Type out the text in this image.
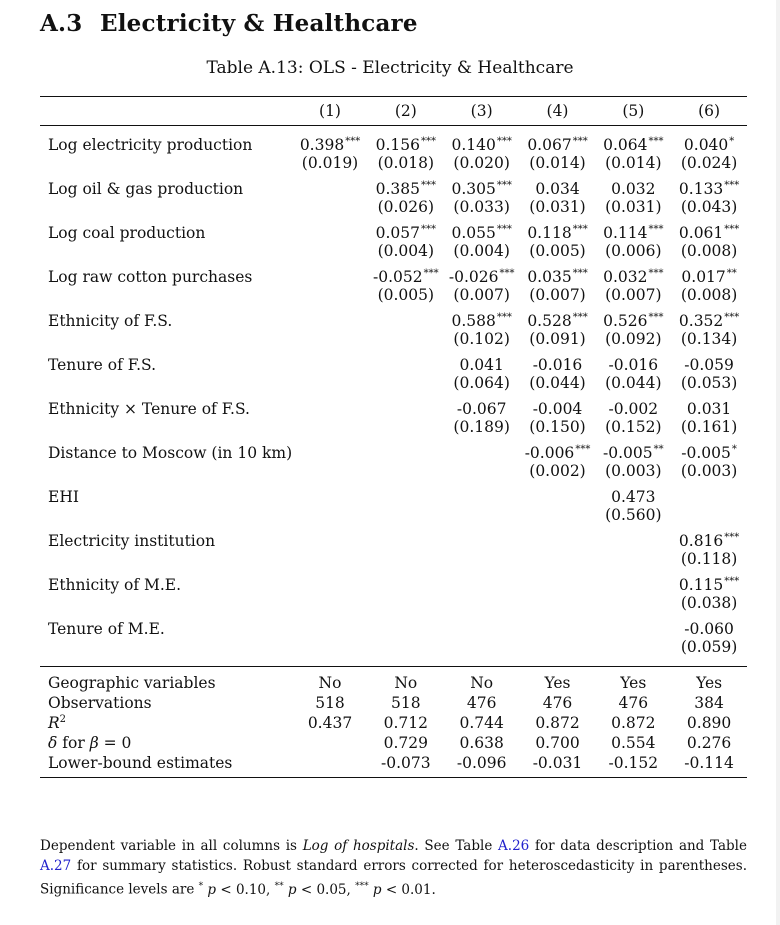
A.3 Electricity & Healthcare
Table A.13: OLS - Electricity & Healthcare
	(1)	(2)	(3)	(4)	(5)	(6)
Log electricity production	0.398***	0.156***	0.140***	0.067***	0.064***	0.040*
	(0.019)	(0.018)	(0.020)	(0.014)	(0.014)	(0.024)
Log oil & gas production		0.385***	0.305***	0.034	0.032	0.133***
		(0.026)	(0.033)	(0.031)	(0.031)	(0.043)
Log coal production		0.057***	0.055***	0.118***	0.114***	0.061***
		(0.004)	(0.004)	(0.005)	(0.006)	(0.008)
Log raw cotton purchases		-0.052***	-0.026***	0.035***	0.032***	0.017**
		(0.005)	(0.007)	(0.007)	(0.007)	(0.008)
Ethnicity of F.S.			0.588***	0.528***	0.526***	0.352***
			(0.102)	(0.091)	(0.092)	(0.134)
Tenure of F.S.			0.041	-0.016	-0.016	-0.059
			(0.064)	(0.044)	(0.044)	(0.053)
Ethnicity × Tenure of F.S.			-0.067	-0.004	-0.002	0.031
			(0.189)	(0.150)	(0.152)	(0.161)
Distance to Moscow (in 10 km)				-0.006***	-0.005**	-0.005*
				(0.002)	(0.003)	(0.003)
EHI					0.473	
					(0.560)	
Electricity institution						0.816***
						(0.118)
Ethnicity of M.E.						0.115***
						(0.038)
Tenure of M.E.						-0.060
						(0.059)
Geographic variables	No	No	No	Yes	Yes	Yes
Observations	518	518	476	476	476	384
$R^2$	0.437	0.712	0.744	0.872	0.872	0.890
δ for β = 0		0.729	0.638	0.700	0.554	0.276
Lower-bound estimates		-0.073	-0.096	-0.031	-0.152	-0.114
Dependent variable in all columns is Log of hospitals. See Table A.26 for data description and Table A.27 for summary statistics. Robust standard errors corrected for heteroscedasticity in parentheses. Significance levels are * p < 0.10, ** p < 0.05, *** p < 0.01.
